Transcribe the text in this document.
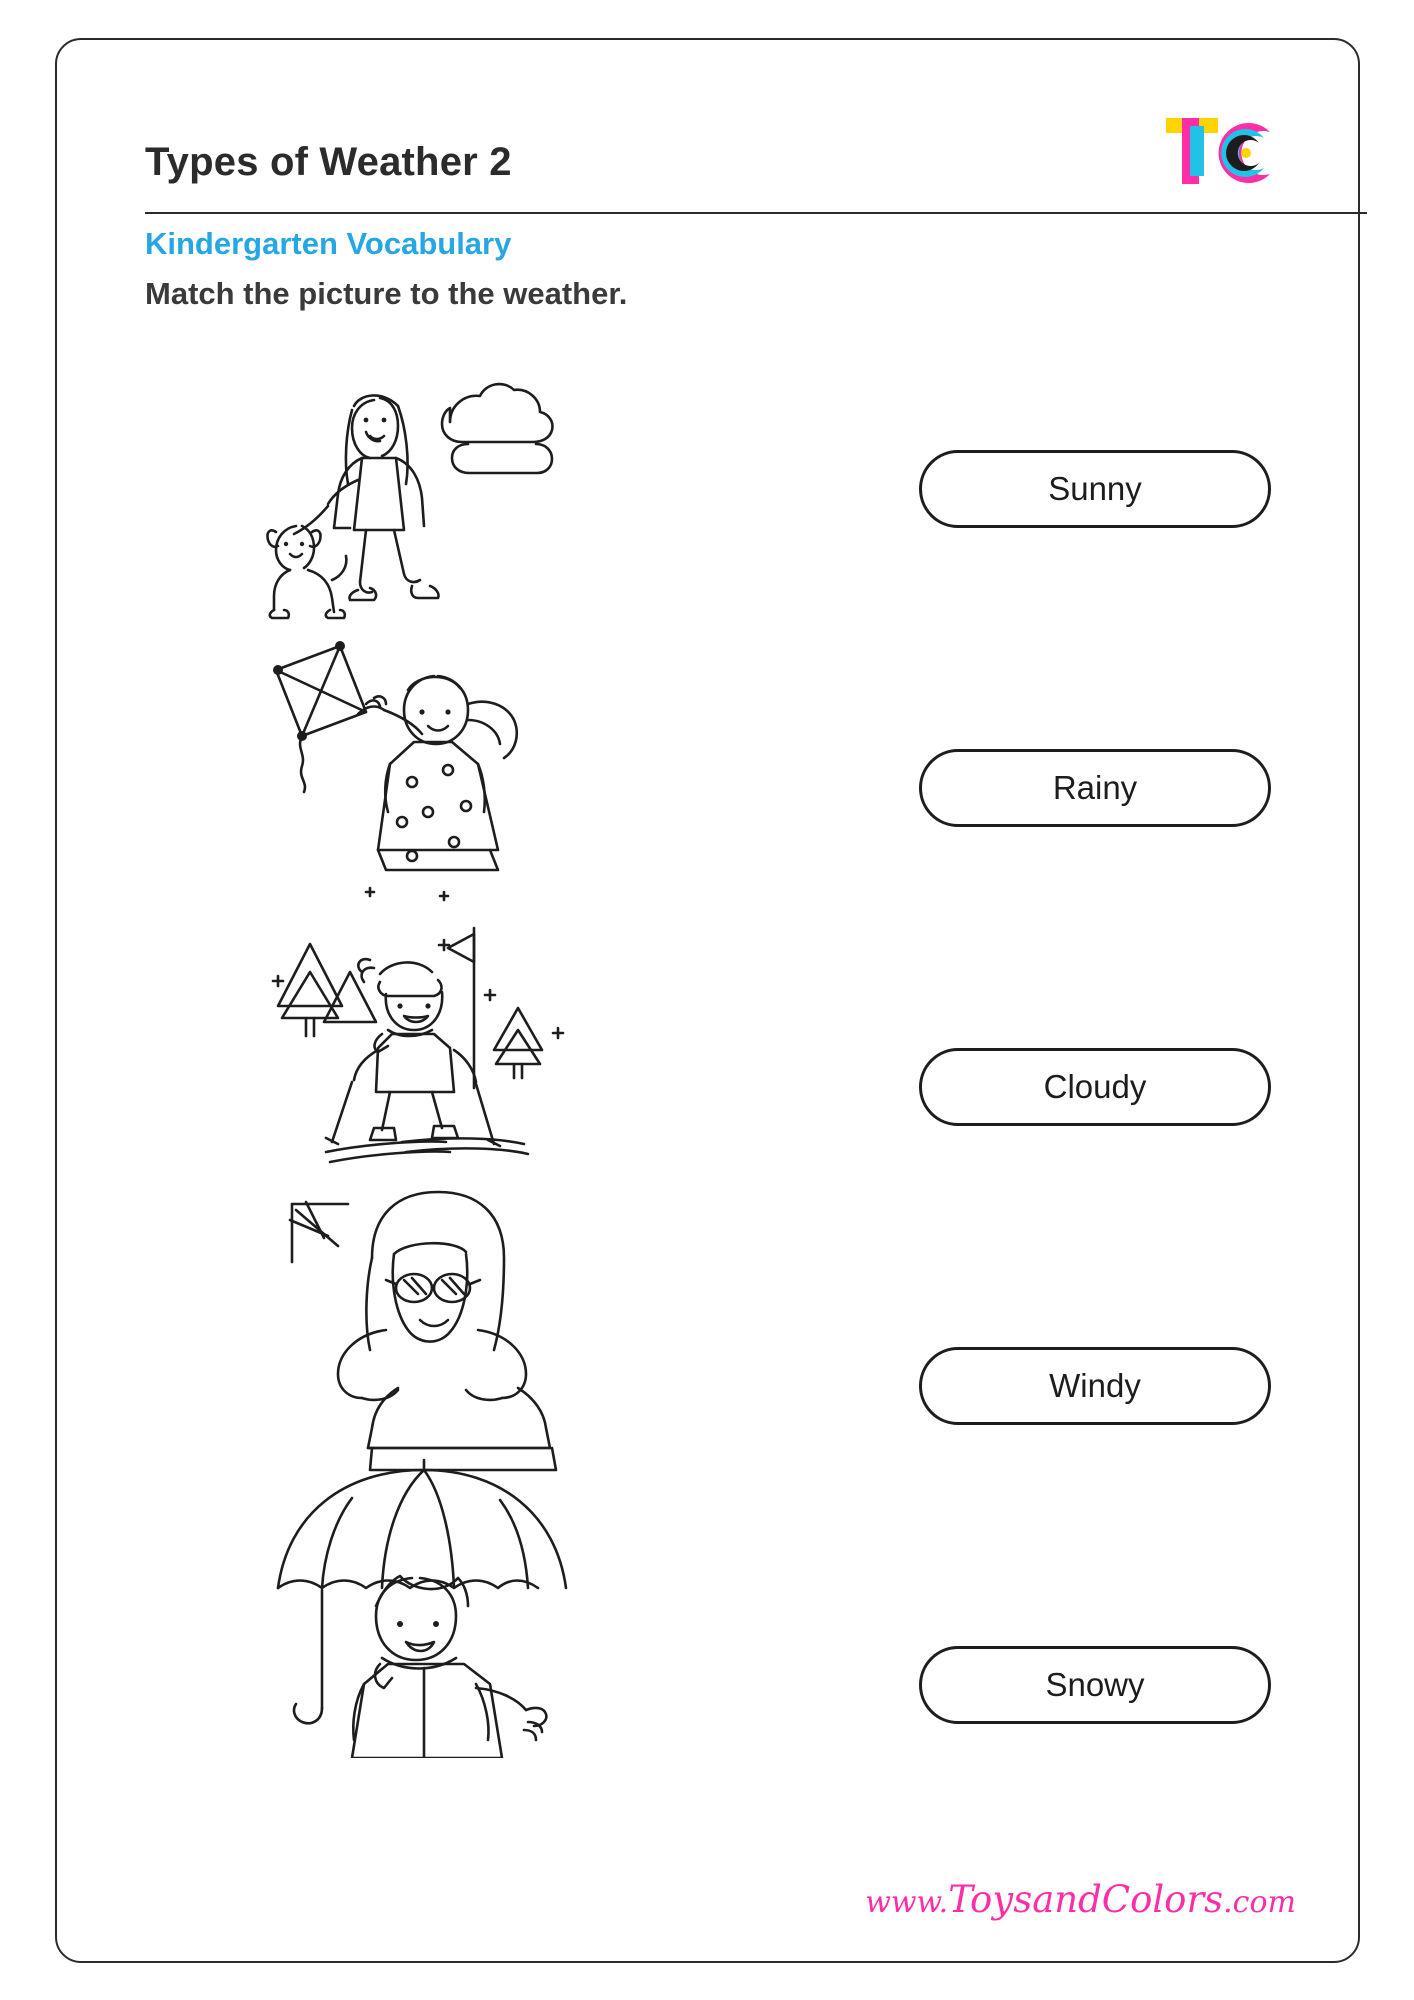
Types of Weather 2
Kindergarten Vocabulary
Match the picture to the weather.
Sunny
Rainy
Cloudy
Windy
Snowy
www.ToysandColors.com
